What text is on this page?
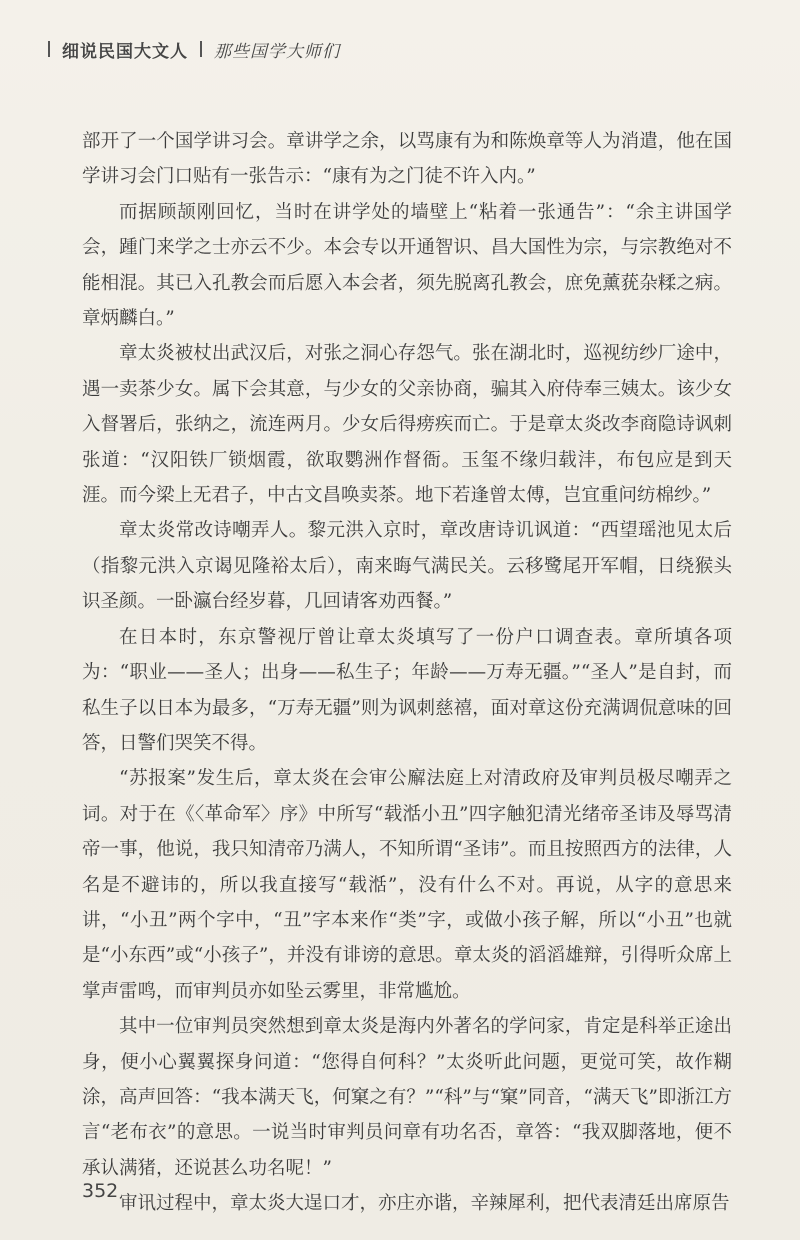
细说民国大文人 那些国学大师们

部开了一个国学讲习会。章讲学之余，以骂康有为和陈焕章等人为消遣，他在国学讲习会门口贴有一张告示：“康有为之门徒不许入内。”

而据顾颉刚回忆，当时在讲学处的墙壁上“粘着一张通告”：“余主讲国学会，踵门来学之士亦云不少。本会专以开通智识、昌大国性为宗，与宗教绝对不能相混。其已入孔教会而后愿入本会者，须先脱离孔教会，庶免薰莸杂糅之病。章炳麟白。”

章太炎被杖出武汉后，对张之洞心存怨气。张在湖北时，巡视纺纱厂途中，遇一卖茶少女。属下会其意，与少女的父亲协商，骗其入府侍奉三姨太。该少女入督署后，张纳之，流连两月。少女后得痨疾而亡。于是章太炎改李商隐诗讽刺张道：“汉阳铁厂锁烟霞，欲取鹦洲作督衙。玉玺不缘归载沣，布包应是到天涯。而今梁上无君子，中古文昌唤卖茶。地下若逢曾太傅，岂宜重问纺棉纱。”

章太炎常改诗嘲弄人。黎元洪入京时，章改唐诗讥讽道：“西望瑶池见太后（指黎元洪入京谒见隆裕太后），南来晦气满民关。云移鹭尾开军帽，日绕猴头识圣颜。一卧瀛台经岁暮，几回请客劝西餐。”

在日本时，东京警视厅曾让章太炎填写了一份户口调查表。章所填各项为：“职业——圣人；出身——私生子；年龄——万寿无疆。”“圣人”是自封，而私生子以日本为最多，“万寿无疆”则为讽刺慈禧，面对章这份充满调侃意味的回答，日警们哭笑不得。

“苏报案”发生后，章太炎在会审公廨法庭上对清政府及审判员极尽嘲弄之词。对于在《〈革命军〉序》中所写“载湉小丑”四字触犯清光绪帝圣讳及辱骂清帝一事，他说，我只知清帝乃满人，不知所谓“圣讳”。而且按照西方的法律，人名是不避讳的，所以我直接写“载湉”，没有什么不对。再说，从字的意思来讲，“小丑”两个字中，“丑”字本来作“类”字，或做小孩子解，所以“小丑”也就是“小东西”或“小孩子”，并没有诽谤的意思。章太炎的滔滔雄辩，引得听众席上掌声雷鸣，而审判员亦如坠云雾里，非常尴尬。

其中一位审判员突然想到章太炎是海内外著名的学问家，肯定是科举正途出身，便小心翼翼探身问道：“您得自何科？”太炎听此问题，更觉可笑，故作糊涂，高声回答：“我本满天飞，何窠之有？”“科”与“窠”同音，“满天飞”即浙江方言“老布衣”的意思。一说当时审判员问章有功名否，章答：“我双脚落地，便不承认满猪，还说甚么功名呢！”

审讯过程中，章太炎大逞口才，亦庄亦谐，辛辣犀利，把代表清廷出席原告

352
